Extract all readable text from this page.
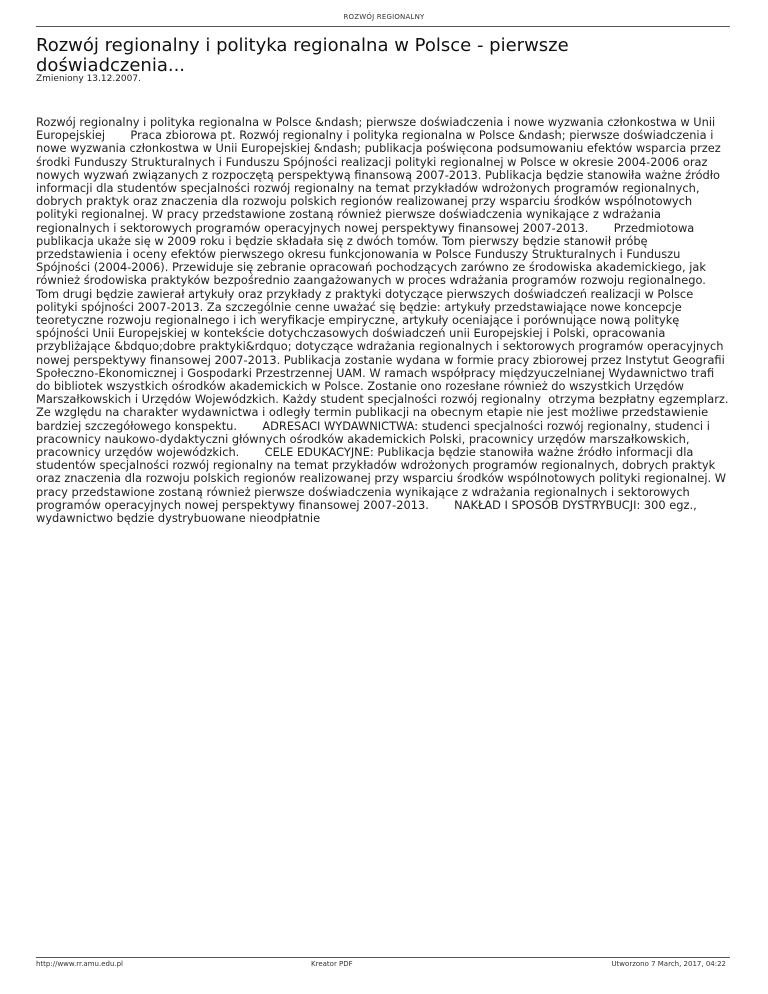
ROZWÓJ REGIONALNY
Rozwój regionalny i polityka regionalna w Polsce - pierwsze doświadczenia...
Zmieniony 13.12.2007.

Rozwój regionalny i polityka regionalna w Polsce &ndash; pierwsze doświadczenia i nowe wyzwania członkostwa w Unii Europejskiej       Praca zbiorowa pt. Rozwój regionalny i polityka regionalna w Polsce &ndash; pierwsze doświadczenia i nowe wyzwania członkostwa w Unii Europejskiej &ndash; publikacja poświęcona podsumowaniu efektów wsparcia przez środki Funduszy Strukturalnych i Funduszu Spójności realizacji polityki regionalnej w Polsce w okresie 2004-2006 oraz nowych wyzwań związanych z rozpoczętą perspektywą finansową 2007-2013. Publikacja będzie stanowiła ważne źródło informacji dla studentów specjalności rozwój regionalny na temat przykładów wdrożonych programów regionalnych, dobrych praktyk oraz znaczenia dla rozwoju polskich regionów realizowanej przy wsparciu środków wspólnotowych polityki regionalnej. W pracy przedstawione zostaną również pierwsze doświadczenia wynikające z wdrażania regionalnych i sektorowych programów operacyjnych nowej perspektywy finansowej 2007-2013.       Przedmiotowa publikacja ukaże się w 2009 roku i będzie składała się z dwóch tomów. Tom pierwszy będzie stanowił próbę przedstawienia i oceny efektów pierwszego okresu funkcjonowania w Polsce Funduszy Strukturalnych i Funduszu Spójności (2004-2006). Przewiduje się zebranie opracowań pochodzących zarówno ze środowiska akademickiego, jak również środowiska praktyków bezpośrednio zaangażowanych w proces wdrażania programów rozwoju regionalnego. Tom drugi będzie zawierał artykuły oraz przykłady z praktyki dotyczące pierwszych doświadczeń realizacji w Polsce polityki spójności 2007-2013. Za szczególnie cenne uważać się będzie: artykuły przedstawiające nowe koncepcje teoretyczne rozwoju regionalnego i ich weryfikacje empiryczne, artykuły oceniające i porównujące nową politykę spójności Unii Europejskiej w kontekście dotychczasowych doświadczeń unii Europejskiej i Polski, opracowania przybliżające &bdquo;dobre praktyki&rdquo; dotyczące wdrażania regionalnych i sektorowych programów operacyjnych nowej perspektywy finansowej 2007-2013. Publikacja zostanie wydana w formie pracy zbiorowej przez Instytut Geografii Społeczno-Ekonomicznej i Gospodarki Przestrzennej UAM. W ramach współpracy międzyuczelnianej Wydawnictwo trafi do bibliotek wszystkich ośrodków akademickich w Polsce. Zostanie ono rozesłane również do wszystkich Urzędów Marszałkowskich i Urzędów Wojewódzkich. Każdy student specjalności rozwój regionalny  otrzyma bezpłatny egzemplarz.  Ze względu na charakter wydawnictwa i odległy termin publikacji na obecnym etapie nie jest możliwe przedstawienie bardziej szczegółowego konspektu.       ADRESACI WYDAWNICTWA: studenci specjalności rozwój regionalny, studenci i pracownicy naukowo-dydaktyczni głównych ośrodków akademickich Polski, pracownicy urzędów marszałkowskich, pracownicy urzędów wojewódzkich.       CELE EDUKACYJNE: Publikacja będzie stanowiła ważne źródło informacji dla studentów specjalności rozwój regionalny na temat przykładów wdrożonych programów regionalnych, dobrych praktyk oraz znaczenia dla rozwoju polskich regionów realizowanej przy wsparciu środków wspólnotowych polityki regionalnej. W pracy przedstawione zostaną również pierwsze doświadczenia wynikające z wdrażania regionalnych i sektorowych programów operacyjnych nowej perspektywy finansowej 2007-2013.       NAKŁAD I SPOSÓB DYSTRYBUCJI: 300 egz., wydawnictwo będzie dystrybuowane nieodpłatnie

http://www.rr.amu.edu.pl	Kreator PDF	Utworzono 7 March, 2017, 04:22
